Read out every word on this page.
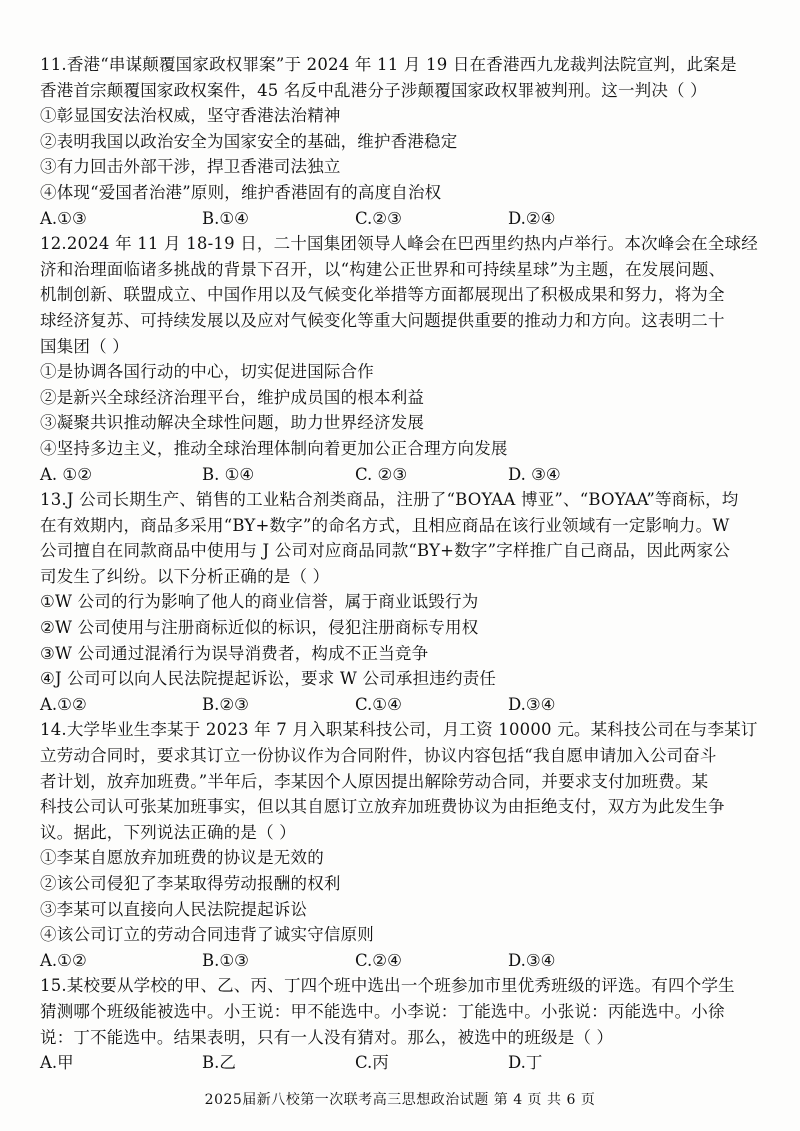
11.香港“串谋颠覆国家政权罪案”于 2024 年 11 月 19 日在香港西九龙裁判法院宣判，此案是
香港首宗颠覆国家政权案件，45 名反中乱港分子涉颠覆国家政权罪被判刑。这一判决（ ）
①彰显国安法治权威，坚守香港法治精神
②表明我国以政治安全为国家安全的基础，维护香港稳定
③有力回击外部干涉，捍卫香港司法独立
④体现“爱国者治港”原则，维护香港固有的高度自治权
A.①③	B.①④	C.②③	D.②④
12.2024 年 11 月 18-19 日，二十国集团领导人峰会在巴西里约热内卢举行。本次峰会在全球经
济和治理面临诸多挑战的背景下召开，以“构建公正世界和可持续星球”为主题，在发展问题、
机制创新、联盟成立、中国作用以及气候变化举措等方面都展现出了积极成果和努力，将为全
球经济复苏、可持续发展以及应对气候变化等重大问题提供重要的推动力和方向。这表明二十
国集团（ ）
①是协调各国行动的中心，切实促进国际合作
②是新兴全球经济治理平台，维护成员国的根本利益
③凝聚共识推动解决全球性问题，助力世界经济发展
④坚持多边主义，推动全球治理体制向着更加公正合理方向发展
A. ①②	B. ①④	C. ②③	D. ③④
13.J 公司长期生产、销售的工业粘合剂类商品，注册了“BOYAA 博亚”、“BOYAA”等商标，均
在有效期内，商品多采用“BY+数字”的命名方式，且相应商品在该行业领域有一定影响力。W
公司擅自在同款商品中使用与 J 公司对应商品同款“BY+数字”字样推广自己商品，因此两家公
司发生了纠纷。以下分析正确的是（ ）
①W 公司的行为影响了他人的商业信誉，属于商业诋毁行为
②W 公司使用与注册商标近似的标识，侵犯注册商标专用权
③W 公司通过混淆行为误导消费者，构成不正当竞争
④J 公司可以向人民法院提起诉讼，要求 W 公司承担违约责任
A.①②	B.②③	C.①④	D.③④
14.大学毕业生李某于 2023 年 7 月入职某科技公司，月工资 10000 元。某科技公司在与李某订
立劳动合同时，要求其订立一份协议作为合同附件，协议内容包括“我自愿申请加入公司奋斗
者计划，放弃加班费。”半年后，李某因个人原因提出解除劳动合同，并要求支付加班费。某
科技公司认可张某加班事实，但以其自愿订立放弃加班费协议为由拒绝支付，双方为此发生争
议。据此，下列说法正确的是（ ）
①李某自愿放弃加班费的协议是无效的
②该公司侵犯了李某取得劳动报酬的权利
③李某可以直接向人民法院提起诉讼
④该公司订立的劳动合同违背了诚实守信原则
A.①②	B.①③	C.②④	D.③④
15.某校要从学校的甲、乙、丙、丁四个班中选出一个班参加市里优秀班级的评选。有四个学生
猜测哪个班级能被选中。小王说：甲不能选中。小李说：丁能选中。小张说：丙能选中。小徐
说：丁不能选中。结果表明，只有一人没有猜对。那么，被选中的班级是（ ）
A.甲	B.乙	C.丙	D.丁
2025届新八校第一次联考高三思想政治试题 第 4 页 共 6 页
